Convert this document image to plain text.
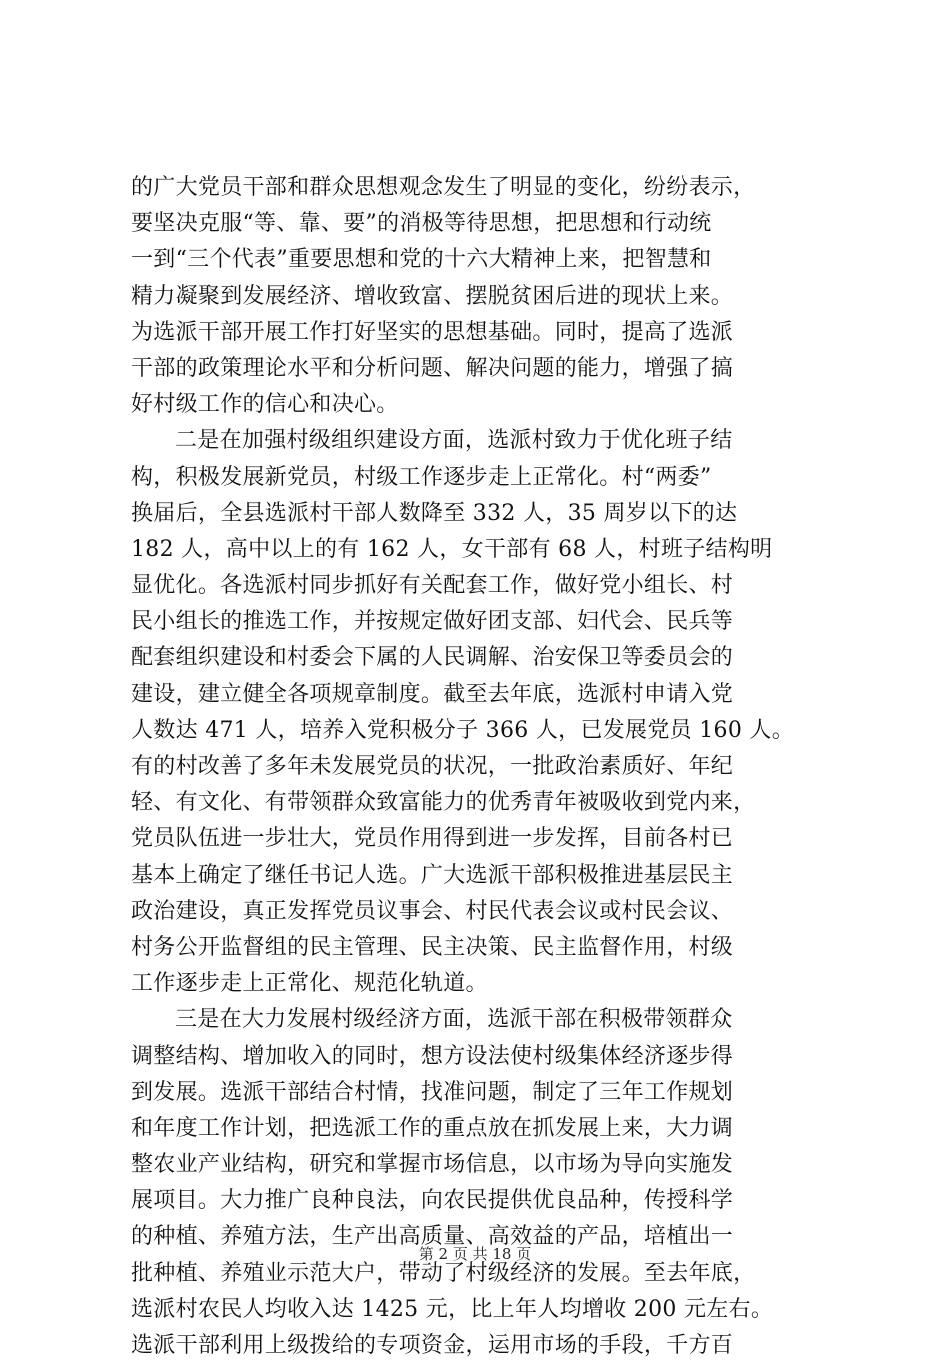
的广大党员干部和群众思想观念发生了明显的变化，纷纷表示，
要坚决克服“等、靠、要”的消极等待思想，把思想和行动统
一到“三个代表”重要思想和党的十六大精神上来，把智慧和
精力凝聚到发展经济、增收致富、摆脱贫困后进的现状上来。
为选派干部开展工作打好坚实的思想基础。同时，提高了选派
干部的政策理论水平和分析问题、解决问题的能力，增强了搞
好村级工作的信心和决心。
二是在加强村级组织建设方面，选派村致力于优化班子结
构，积极发展新党员，村级工作逐步走上正常化。村“两委”
换届后，全县选派村干部人数降至 332 人，35 周岁以下的达
182 人，高中以上的有 162 人，女干部有 68 人，村班子结构明
显优化。各选派村同步抓好有关配套工作，做好党小组长、村
民小组长的推选工作，并按规定做好团支部、妇代会、民兵等
配套组织建设和村委会下属的人民调解、治安保卫等委员会的
建设，建立健全各项规章制度。截至去年底，选派村申请入党
人数达 471 人，培养入党积极分子 366 人，已发展党员 160 人。
有的村改善了多年未发展党员的状况，一批政治素质好、年纪
轻、有文化、有带领群众致富能力的优秀青年被吸收到党内来，
党员队伍进一步壮大，党员作用得到进一步发挥，目前各村已
基本上确定了继任书记人选。广大选派干部积极推进基层民主
政治建设，真正发挥党员议事会、村民代表会议或村民会议、
村务公开监督组的民主管理、民主决策、民主监督作用，村级
工作逐步走上正常化、规范化轨道。
三是在大力发展村级经济方面，选派干部在积极带领群众
调整结构、增加收入的同时，想方设法使村级集体经济逐步得
到发展。选派干部结合村情，找准问题，制定了三年工作规划
和年度工作计划，把选派工作的重点放在抓发展上来，大力调
整农业产业结构，研究和掌握市场信息，以市场为导向实施发
展项目。大力推广良种良法，向农民提供优良品种，传授科学
的种植、养殖方法，生产出高质量、高效益的产品，培植出一
批种植、养殖业示范大户，带动了村级经济的发展。至去年底，
选派村农民人均收入达 1425 元，比上年人均增收 200 元左右。
选派干部利用上级拨给的专项资金，运用市场的手段，千方百
第 2 页 共 18 页
